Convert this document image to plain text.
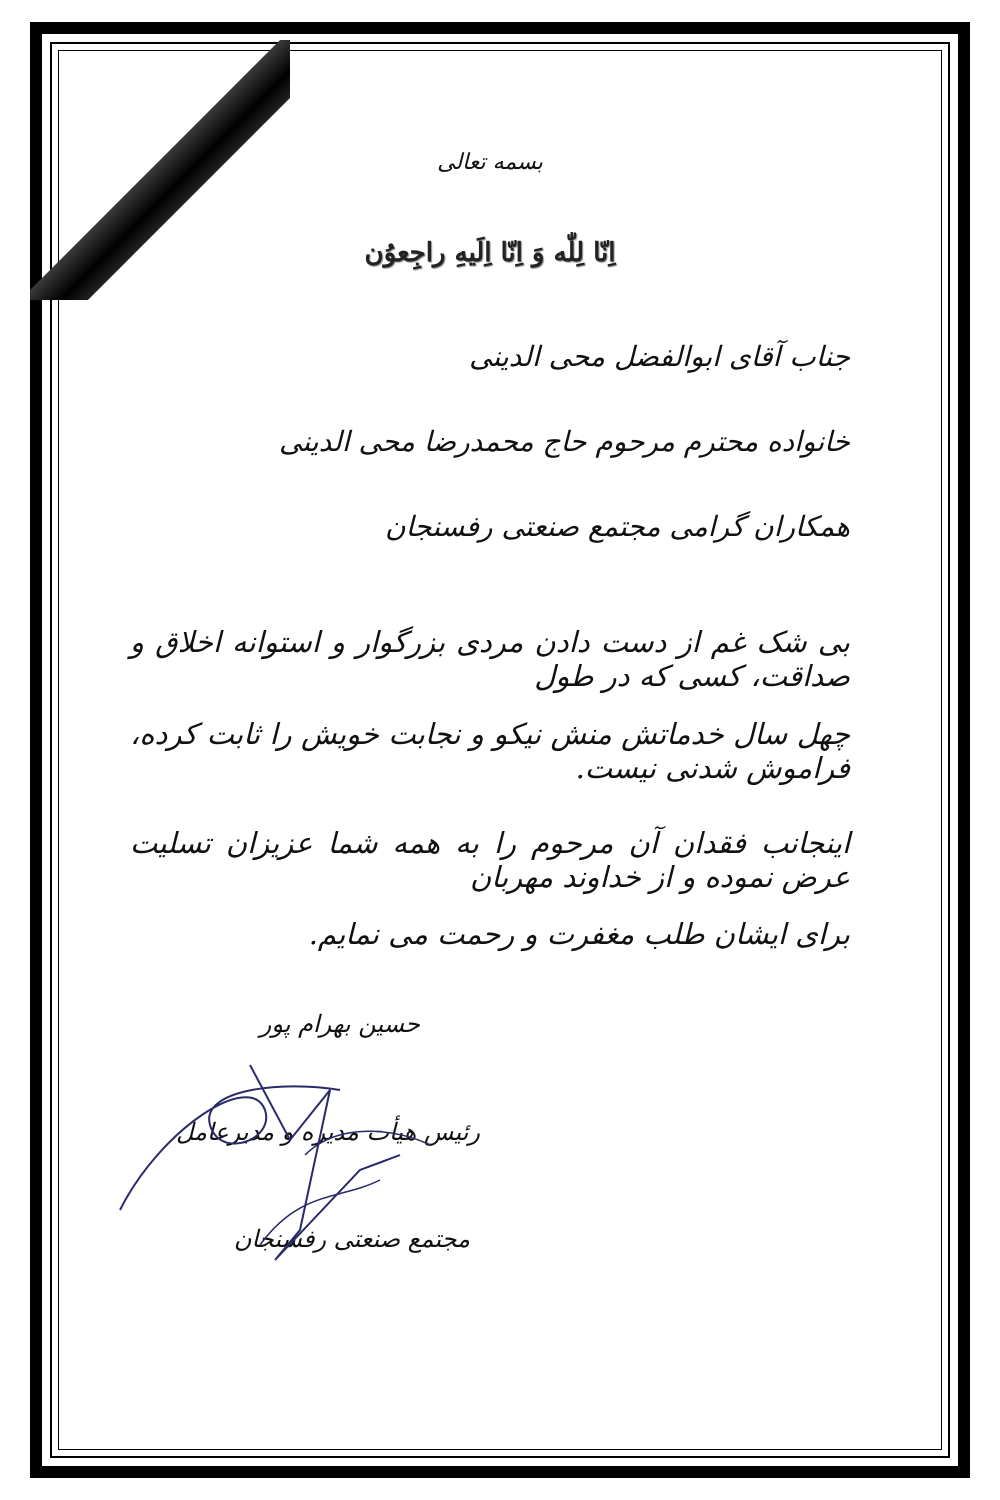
بسمه تعالی
اِنّا لِلّٰه وَ اِنّا اِلَیهِ راجِعوُن
جناب آقای ابوالفضل محی الدینی
خانواده محترم مرحوم حاج محمدرضا محی الدینی
همکاران گرامی مجتمع صنعتی رفسنجان
بی شک غم از دست دادن مردی بزرگوار و استوانه اخلاق و صداقت، کسی که در طول
چهل سال خدماتش منش نیکو و نجابت خویش را ثابت کرده، فراموش شدنی نیست.
اینجانب فقدان آن مرحوم را به همه شما عزیزان تسلیت عرض نموده و از خداوند مهربان
برای ایشان طلب مغفرت و رحمت می نمایم.
حسین بهرام پور
رئیس هیأت مدیره و مدیرعامل
مجتمع صنعتی رفسنجان
